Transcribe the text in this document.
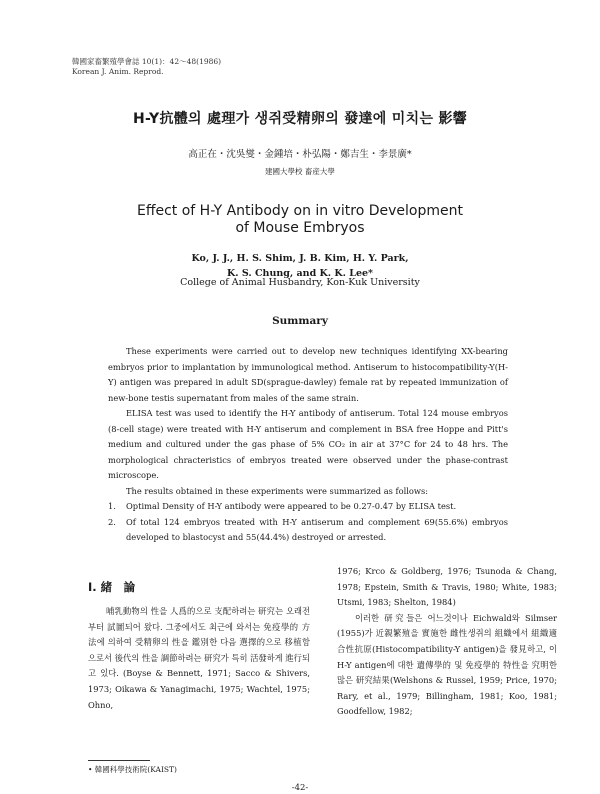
韓國家畜繁殖學會誌 10(1)：42～48(1986)
Korean J. Anim. Reprod.
H-Y抗體의 處理가 생쥐受精卵의 發達에 미치는 影響
高正在・沈吳燮・金鍾培・朴弘陽・鄭吉生・李景廣*
建國大學校 畜産大學
Effect of H-Y Antibody on in vitro Development
of Mouse Embryos
Ko, J. J., H. S. Shim, J. B. Kim, H. Y. Park,
K. S. Chung, and K. K. Lee*
College of Animal Husbandry, Kon-Kuk University
Summary

These experiments were carried out to develop new techniques identifying XX-bearing embryos prior to implantation by immunological method. Antiserum to histocompatibility-Y(H-Y) antigen was prepared in adult SD(sprague-dawley) female rat by repeated immunization of new-bone testis supernatant from males of the same strain.

ELISA test was used to identify the H-Y antibody of antiserum. Total 124 mouse embryos (8-cell stage) were treated with H-Y antiserum and complement in BSA free Hoppe and Pitt's medium and cultured under the gas phase of 5% CO₂ in air at 37°C for 24 to 48 hrs. The morphological chracteristics of embryos treated were observed under the phase-contrast microscope.

The results obtained in these experiments were summarized as follows:

1.	Optimal Density of H-Y antibody were appeared to be 0.27-0.47 by ELISA test.
2.	Of total 124 embryos treated with H-Y antiserum and complement 69(55.6%) embryos developed to blastocyst and 55(44.4%) destroyed or arrested.
Ⅰ. 緒　論

哺乳動物의 性을 人爲的으로 支配하려는 研究는 오래전부터 試圖되어 왔다. 그중에서도 최근에 와서는 免疫學的 方法에 의하여 受精卵의 性을 鑑別한 다음 選擇的으로 移植함으로서 後代의 性을 調節하려는 研究가 특히 活發하게 進行되고 있다. (Boyse & Bennett, 1971; Sacco & Shivers, 1973; Oikawa & Yanagimachi, 1975; Wachtel, 1975; Ohno,

1976; Krco & Goldberg, 1976; Tsunoda & Chang, 1978; Epstein, Smith & Travis, 1980; White, 1983; Utsmi, 1983; Shelton, 1984)

이러한 研究들은 어느것이나 Eichwald와 Silmser (1955)가 近親繁殖을 實施한 雌性생쥐의 組織에서 組織適合性抗原(Histocompatibility-Y antigen)을 發見하고, 이 H-Y antigen에 대한 遺傳學的 및 免疫學的 特性을 究明한 많은 研究結果(Welshons & Russel, 1959; Price, 1970; Rary, et al., 1979; Billingham, 1981; Koo, 1981; Goodfellow, 1982;

• 韓國科學技術院(KAIST)
-42-
